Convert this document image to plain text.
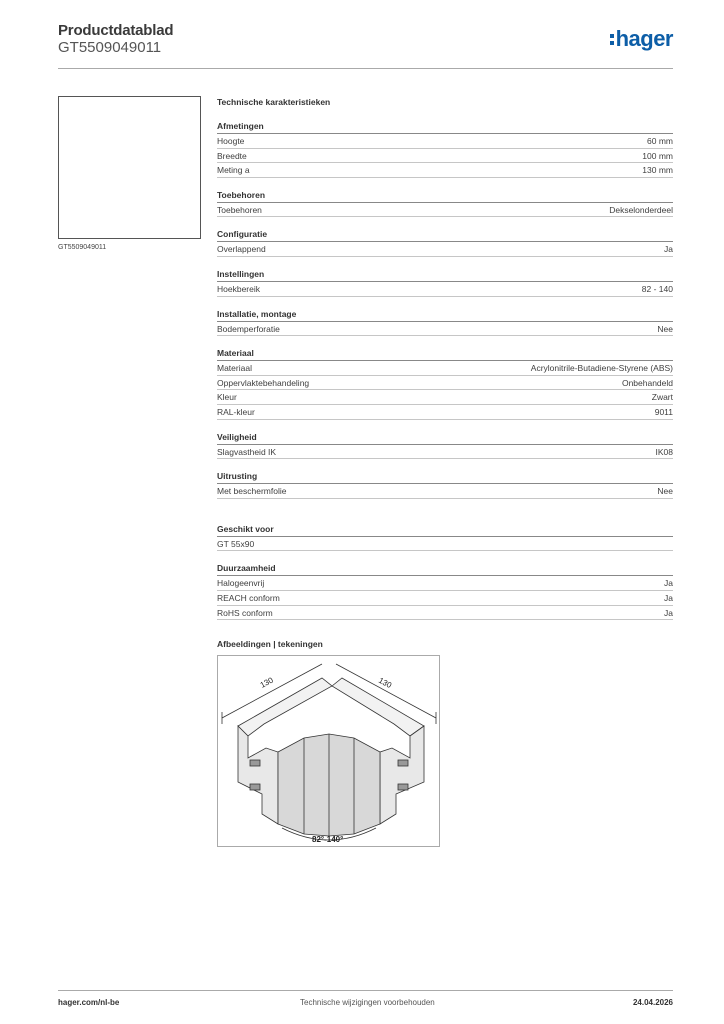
Productdatablad
GT5509049011	hager
GT5509049011
Technische karakteristieken
Afmetingen
Hoogte	60 mm
Breedte	100 mm
Meting a	130 mm
Toebehoren
Toebehoren	Dekselonderdeel
Configuratie
Overlappend	Ja
Instellingen
Hoekbereik	82 - 140
Installatie, montage
Bodemperforatie	Nee
Materiaal
Materiaal	Acrylonitrile-Butadiene-Styrene (ABS)
Oppervlaktebehandeling	Onbehandeld
Kleur	Zwart
RAL-kleur	9011
Veiligheid
Slagvastheid IK	IK08
Uitrusting
Met beschermfolie	Nee
Geschikt voor
GT 55x90
Duurzaamheid
Halogeenvrij	Ja
REACH conform	Ja
RoHS conform	Ja
Afbeeldingen | tekeningen
130	130
82°-140°
hager.com/nl-be	Technische wijzigingen voorbehouden	24.04.2026
